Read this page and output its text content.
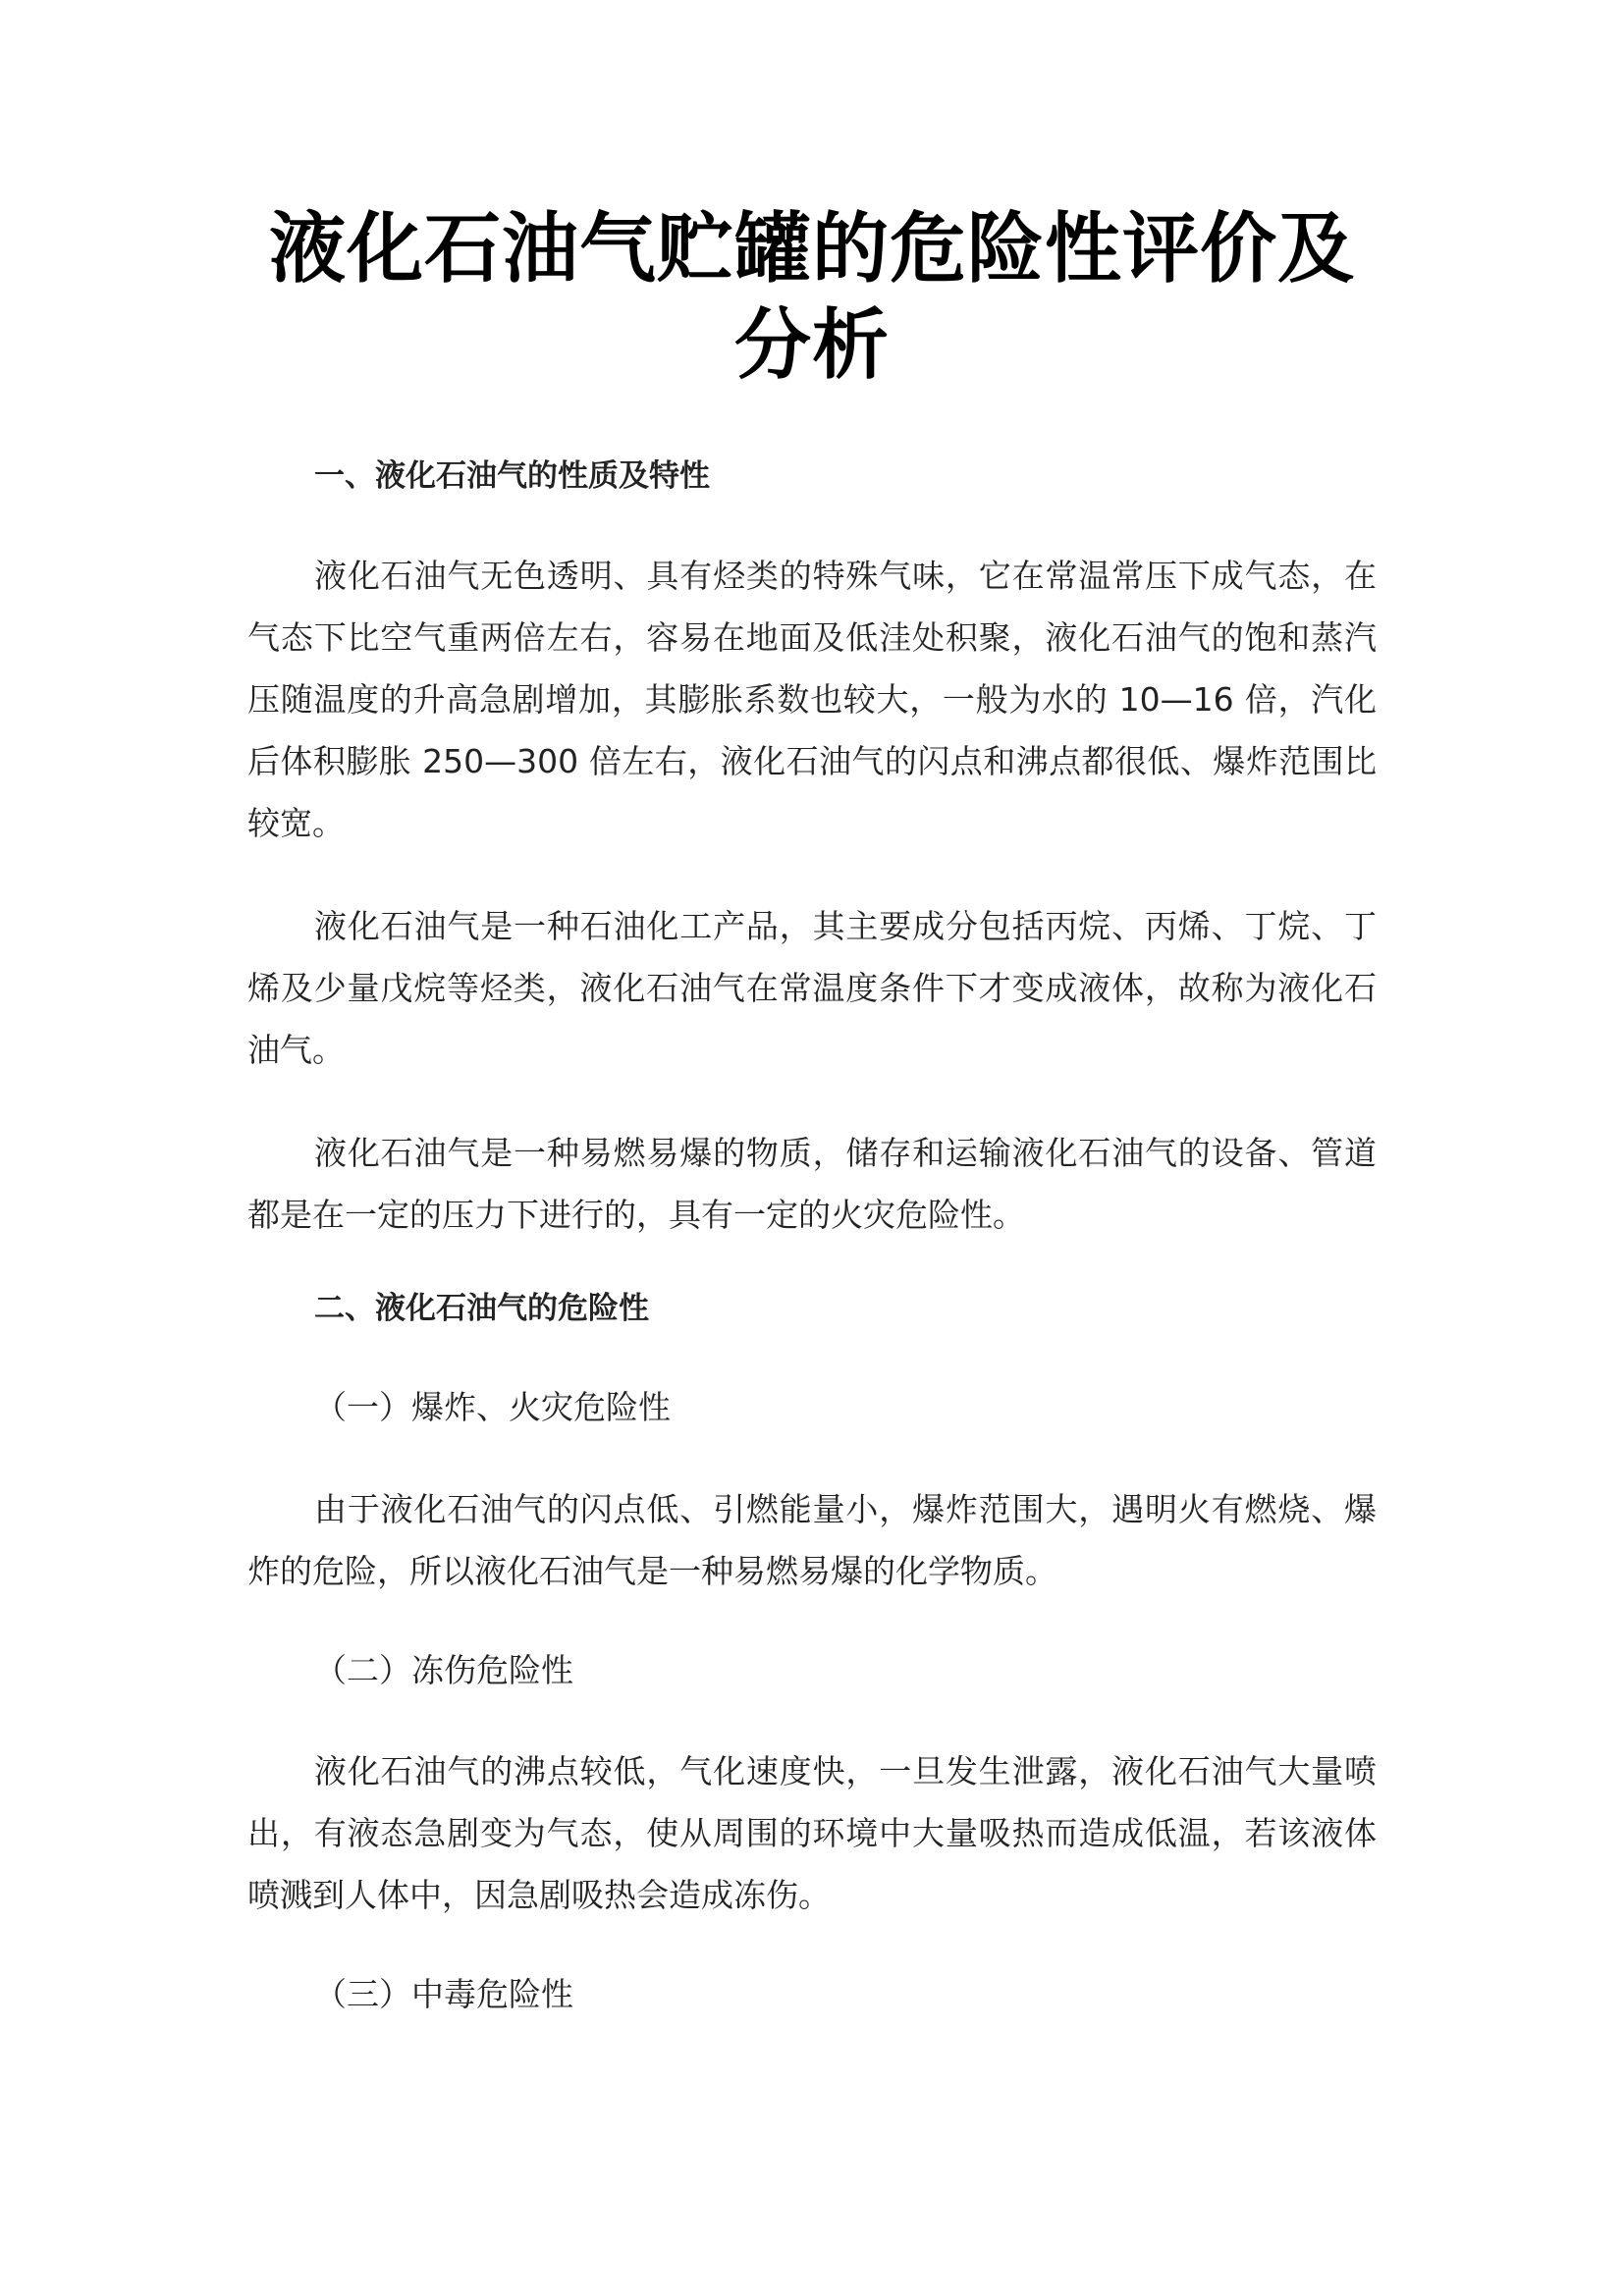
液化石油气贮罐的危险性评价及分析
一、液化石油气的性质及特性

液化石油气无色透明、具有烃类的特殊气味，它在常温常压下成气态，在气态下比空气重两倍左右，容易在地面及低洼处积聚，液化石油气的饱和蒸汽压随温度的升高急剧增加，其膨胀系数也较大，一般为水的 10—16 倍，汽化后体积膨胀 250—300 倍左右，液化石油气的闪点和沸点都很低、爆炸范围比较宽。

液化石油气是一种石油化工产品，其主要成分包括丙烷、丙烯、丁烷、丁烯及少量戊烷等烃类，液化石油气在常温度条件下才变成液体，故称为液化石油气。

液化石油气是一种易燃易爆的物质，储存和运输液化石油气的设备、管道都是在一定的压力下进行的，具有一定的火灾危险性。

二、液化石油气的危险性
（一）爆炸、火灾危险性

由于液化石油气的闪点低、引燃能量小，爆炸范围大，遇明火有燃烧、爆炸的危险，所以液化石油气是一种易燃易爆的化学物质。

（二）冻伤危险性

液化石油气的沸点较低，气化速度快，一旦发生泄露，液化石油气大量喷出，有液态急剧变为气态，使从周围的环境中大量吸热而造成低温，若该液体喷溅到人体中，因急剧吸热会造成冻伤。

（三）中毒危险性
